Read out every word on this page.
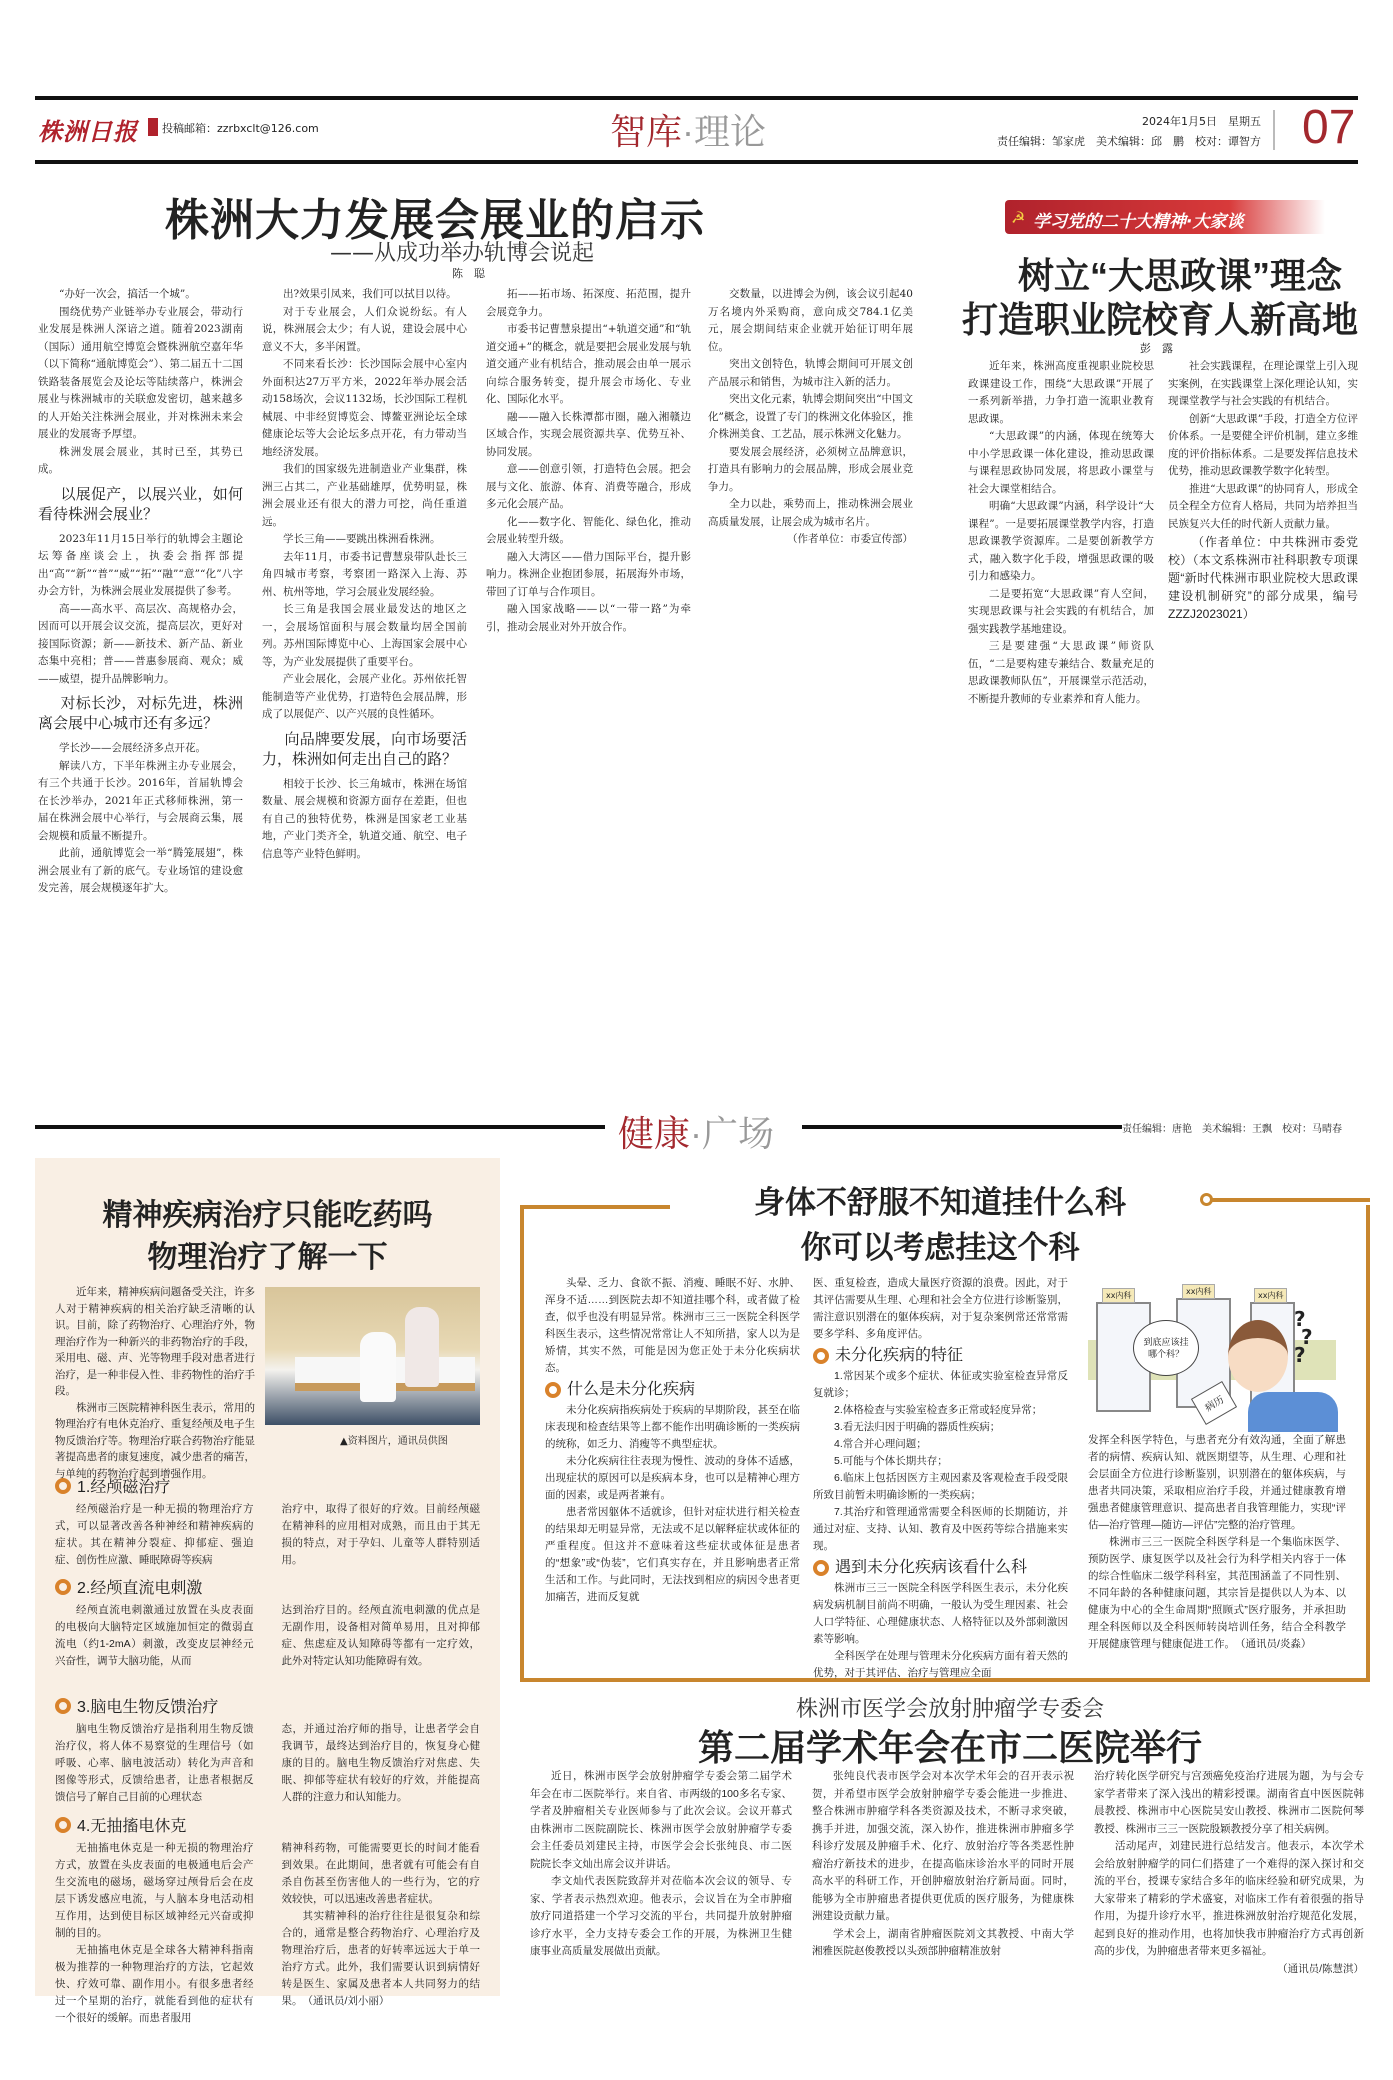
株洲日报 投稿邮箱：zzrbxclt@126.com	智库·理论	2024年1月5日　星期五
责任编辑：邹家虎　美术编辑：邱　鹏　校对：谭智方 07
株洲大力发展会展业的启示
——从成功举办轨博会说起
陈　聪

“办好一次会，搞活一个城”。

围绕优势产业链举办专业展会，带动行业发展是株洲人深谙之道。随着2023湖南（国际）通用航空博览会暨株洲航空嘉年华（以下简称“通航博览会”）、第二届五十二国铁路装备展览会及论坛等陆续落户，株洲会展业与株洲城市的关联愈发密切，越来越多的人开始关注株洲会展业，并对株洲未来会展业的发展寄予厚望。

株洲发展会展业，其时已至，其势已成。

以展促产，以展兴业，如何看待株洲会展业？

2023年11月15日举行的轨博会主题论坛筹备座谈会上，执委会指挥部提出“高”“新”“普”“威”“拓”“融”“意”“化”八字办会方针，为株洲会展业发展提供了参考。

高——高水平、高层次、高规格办会，因而可以开展会议交流，提高层次，更好对接国际资源；新——新技术、新产品、新业态集中亮相；普——普惠参展商、观众；威——威望，提升品牌影响力。

对标长沙，对标先进，株洲离会展中心城市还有多远？

学长沙——会展经济多点开花。

解读八方，下半年株洲主办专业展会，有三个共通于长沙。2016年，首届轨博会在长沙举办，2021年正式移师株洲，第一届在株洲会展中心举行，与会展商云集，展会规模和质量不断提升。

此前，通航博览会一举“腾笼展翅”，株洲会展业有了新的底气。专业场馆的建设愈发完善，展会规模逐年扩大。

出?效果引凤来，我们可以拭目以待。

对于专业展会，人们众说纷纭。有人说，株洲展会太少；有人说，建设会展中心意义不大，多半闲置。

不同来看长沙：长沙国际会展中心室内外面积达27万平方米，2022年举办展会活动158场次，会议1132场，长沙国际工程机械展、中非经贸博览会、博鳌亚洲论坛全球健康论坛等大会论坛多点开花，有力带动当地经济发展。

我们的国家级先进制造业产业集群，株洲三占其二，产业基础雄厚，优势明显，株洲会展业还有很大的潜力可挖，尚任重道远。

学长三角——要跳出株洲看株洲。

去年11月，市委书记曹慧泉带队赴长三角四城市考察，考察团一路深入上海、苏州、杭州等地，学习会展业发展经验。

长三角是我国会展业最发达的地区之一，会展场馆面积与展会数量均居全国前列。苏州国际博览中心、上海国家会展中心等，为产业发展提供了重要平台。

产业会展化，会展产业化。苏州依托智能制造等产业优势，打造特色会展品牌，形成了以展促产、以产兴展的良性循环。

向品牌要发展，向市场要活力，株洲如何走出自己的路？

相较于长沙、长三角城市，株洲在场馆数量、展会规模和资源方面存在差距，但也有自己的独特优势，株洲是国家老工业基地，产业门类齐全，轨道交通、航空、电子信息等产业特色鲜明。

拓——拓市场、拓深度、拓范围，提升会展竞争力。

市委书记曹慧泉提出“+轨道交通”和“轨道交通+”的概念，就是要把会展业发展与轨道交通产业有机结合，推动展会由单一展示向综合服务转变，提升展会市场化、专业化、国际化水平。

融——融入长株潭都市圈，融入湘赣边区域合作，实现会展资源共享、优势互补、协同发展。

意——创意引领，打造特色会展。把会展与文化、旅游、体育、消费等融合，形成多元化会展产品。

化——数字化、智能化、绿色化，推动会展业转型升级。

融入大湾区——借力国际平台，提升影响力。株洲企业抱团参展，拓展海外市场，带回了订单与合作项目。

融入国家战略——以“一带一路”为牵引，推动会展业对外开放合作。

交数量，以进博会为例，该会议引起40万名境内外采购商，意向成交784.1亿美元，展会期间结束企业就开始征订明年展位。

突出文创特色，轨博会期间可开展文创产品展示和销售，为城市注入新的活力。

突出文化元素，轨博会期间突出“中国文化”概念，设置了专门的株洲文化体验区，推介株洲美食、工艺品，展示株洲文化魅力。

要发展会展经济，必须树立品牌意识，打造具有影响力的会展品牌，形成会展业竞争力。

全力以赴，乘势而上，推动株洲会展业高质量发展，让展会成为城市名片。

（作者单位：市委宣传部）

☭ 学习党的二十大精神·大家谈
树立“大思政课”理念
打造职业院校育人新高地
彭　露

近年来，株洲高度重视职业院校思政课建设工作，围绕“大思政课”开展了一系列新举措，力争打造一流职业教育思政课。

“大思政课”的内涵，体现在统筹大中小学思政课一体化建设，推动思政课与课程思政协同发展，将思政小课堂与社会大课堂相结合。

明确“大思政课”内涵，科学设计“大课程”。一是要拓展课堂教学内容，打造思政课教学资源库。二是要创新教学方式，融入数字化手段，增强思政课的吸引力和感染力。

二是要拓宽“大思政课”育人空间，实现思政课与社会实践的有机结合，加强实践教学基地建设。

三是要建强“大思政课”师资队伍，“二是要构建专兼结合、数量充足的思政课教师队伍”，开展课堂示范活动，不断提升教师的专业素养和育人能力。

社会实践课程，在理论课堂上引入现实案例，在实践课堂上深化理论认知，实现课堂教学与社会实践的有机结合。

创新“大思政课”手段，打造全方位评价体系。一是要健全评价机制，建立多维度的评价指标体系。二是要发挥信息技术优势，推动思政课教学数字化转型。

推进“大思政课”的协同育人，形成全员全程全方位育人格局，共同为培养担当民族复兴大任的时代新人贡献力量。

（作者单位：中共株洲市委党校）（本文系株洲市社科职教专项课题“新时代株洲市职业院校大思政课建设机制研究”的部分成果，编号ZZZJ2023021）

健康·广场	责任编辑：唐艳　美术编辑：王飘　校对：马晴春
精神疾病治疗只能吃药吗
物理治疗了解一下

近年来，精神疾病问题备受关注，许多人对于精神疾病的相关治疗缺乏清晰的认识。目前，除了药物治疗、心理治疗外，物理治疗作为一种新兴的非药物治疗的手段，采用电、磁、声、光等物理手段对患者进行治疗，是一种非侵入性、非药物性的治疗手段。

株洲市三医院精神科医生表示，常用的物理治疗有电休克治疗、重复经颅及电子生物反馈治疗等。物理治疗联合药物治疗能显著提高患者的康复速度，减少患者的痛苦，与单纯的药物治疗起到增强作用。

▲资料图片，通讯员供图
1.经颅磁治疗

经颅磁治疗是一种无损的物理治疗方式，可以显著改善各种神经和精神疾病的症状。其在精神分裂症、抑郁症、强迫症、创伤性应激、睡眠障碍等疾病

治疗中，取得了很好的疗效。目前经颅磁在精神科的应用相对成熟，而且由于其无损的特点，对于孕妇、儿童等人群特别适用。

2.经颅直流电刺激

经颅直流电刺激通过放置在头皮表面的电极向大脑特定区域施加恒定的微弱直流电（约1-2mA）刺激，改变皮层神经元兴奋性，调节大脑功能，从而

达到治疗目的。经颅直流电刺激的优点是无副作用，设备相对简单易用，且对抑郁症、焦虑症及认知障碍等都有一定疗效，此外对特定认知功能障碍有效。

3.脑电生物反馈治疗

脑电生物反馈治疗是指利用生物反馈治疗仪，将人体不易察觉的生理信号（如呼吸、心率、脑电波活动）转化为声音和图像等形式，反馈给患者，让患者根据反馈信号了解自己目前的心理状态

态，并通过治疗师的指导，让患者学会自我调节，最终达到治疗目的，恢复身心健康的目的。脑电生物反馈治疗对焦虑、失眠、抑郁等症状有较好的疗效，并能提高人群的注意力和认知能力。

4.无抽搐电休克

无抽搐电休克是一种无损的物理治疗方式，放置在头皮表面的电极通电后会产生交流电的磁场，磁场穿过颅骨后会在皮层下诱发感应电流，与人脑本身电活动相互作用，达到使目标区域神经元兴奋或抑制的目的。

无抽搐电休克是全球各大精神科指南极为推荐的一种物理治疗的方法，它起效快、疗效可靠、副作用小。有很多患者经过一个星期的治疗，就能看到他的症状有一个很好的缓解。而患者服用

精神科药物，可能需要更长的时间才能看到效果。在此期间，患者就有可能会有自杀自伤甚至伤害他人的一些行为，它的疗效较快，可以迅速改善患者症状。

其实精神科的治疗往往是很复杂和综合的，通常是整合药物治疗、心理治疗及物理治疗后，患者的好转率远远大于单一治疗方式。此外，我们需要认识到病情好转是医生、家属及患者本人共同努力的结果。　（通讯员/刘小丽）

身体不舒服不知道挂什么科
你可以考虑挂这个科

头晕、乏力、食欲不振、消瘦、睡眠不好、水肿、浑身不适……到医院去却不知道挂哪个科，或者做了检查，似乎也没有明显异常。株洲市三三一医院全科医学科医生表示，这些情况常常让人不知所措，家人以为是矫情，其实不然，可能是因为您正处于未分化疾病状态。

什么是未分化疾病

未分化疾病指疾病处于疾病的早期阶段，甚至在临床表现和检查结果等上都不能作出明确诊断的一类疾病的统称，如乏力、消瘦等不典型症状。

未分化疾病往往表现为慢性、波动的身体不适感，出现症状的原因可以是疾病本身，也可以是精神心理方面的因素，或是两者兼有。

患者常因躯体不适就诊，但针对症状进行相关检查的结果却无明显异常，无法或不足以解释症状或体征的严重程度。但这并不意味着这些症状或体征是患者的“想象”或“伪装”，它们真实存在，并且影响患者正常生活和工作。与此同时，无法找到相应的病因令患者更加痛苦，进而反复就

医、重复检查，造成大量医疗资源的浪费。因此，对于其评估需要从生理、心理和社会全方位进行诊断鉴别，需注意识别潜在的躯体疾病，对于复杂案例常还常常需要多学科、多角度评估。

未分化疾病的特征

1.常因某个或多个症状、体征或实验室检查异常反复就诊；

2.体格检查与实验室检查多正常或轻度异常；

3.看无法归因于明确的器质性疾病；

4.常合并心理问题；

5.可能与个体长期共存；

6.临床上包括因医方主观因素及客观检查手段受限所致目前暂未明确诊断的一类疾病；

7.其治疗和管理通常需要全科医师的长期随访，并通过对症、支持、认知、教育及中医药等综合措施来实现。

遇到未分化疾病该看什么科

株洲市三三一医院全科医学科医生表示，未分化疾病发病机制目前尚不明确，一般认为受生理因素、社会人口学特征、心理健康状态、人格特征以及外部刺激因素等影响。

全科医学在处理与管理未分化疾病方面有着天然的优势，对于其评估、治疗与管理应全面

xx内科	xx内科	xx内科
到底应该挂哪个科？
病历
?
?
?

发挥全科医学特色，与患者充分有效沟通，全面了解患者的病情、疾病认知、就医期望等，从生理、心理和社会层面全方位进行诊断鉴别，识别潜在的躯体疾病，与患者共同决策，采取相应治疗手段，并通过健康教育增强患者健康管理意识、提高患者自我管理能力，实现“评估—治疗管理—随访—评估”完整的治疗管理。

株洲市三三一医院全科医学科是一个集临床医学、预防医学、康复医学以及社会行为科学相关内容于一体的综合性临床二级学科科室，其范围涵盖了不同性别、不同年龄的各种健康问题，其宗旨是提供以人为本、以健康为中心的全生命周期“照顾式”医疗服务，并承担助理全科医师以及全科医师转岗培训任务，结合全科教学开展健康管理与健康促进工作。　（通讯员/炎淼）

株洲市医学会放射肿瘤学专委会
第二届学术年会在市二医院举行

近日，株洲市医学会放射肿瘤学专委会第二届学术年会在市二医院举行。来自省、市两级的100多名专家、学者及肿瘤相关专业医师参与了此次会议。会议开幕式由株洲市二医院副院长、株洲市医学会放射肿瘤学专委会主任委员刘建民主持，市医学会会长张纯良、市二医院院长李文灿出席会议并讲话。

李文灿代表医院致辞并对莅临本次会议的领导、专家、学者表示热烈欢迎。他表示，会议旨在为全市肿瘤放疗同道搭建一个学习交流的平台，共同提升放射肿瘤诊疗水平，全力支持专委会工作的开展，为株洲卫生健康事业高质量发展做出贡献。

张纯良代表市医学会对本次学术年会的召开表示祝贺，并希望市医学会放射肿瘤学专委会能进一步推进、整合株洲市肿瘤学科各类资源及技术，不断寻求突破，携手并进，加强交流，深入协作，推进株洲市肿瘤多学科诊疗发展及肿瘤手术、化疗、放射治疗等各类恶性肿瘤治疗新技术的进步，在提高临床诊治水平的同时开展高水平的科研工作，开创肿瘤放射治疗新局面。同时，能够为全市肿瘤患者提供更优质的医疗服务，为健康株洲建设贡献力量。

学术会上，湖南省肿瘤医院刘文其教授、中南大学湘雅医院赵俊教授以头颈部肿瘤精准放射

治疗转化医学研究与宫颈癌免疫治疗进展为题，为与会专家学者带来了深入浅出的精彩授课。湖南省直中医医院韩晨教授、株洲市中心医院吴安山教授、株洲市二医院何琴教授、株洲市三三一医院殷颖教授分享了相关病例。

活动尾声，刘建民进行总结发言。他表示，本次学术会给放射肿瘤学的同仁们搭建了一个难得的深入探讨和交流的平台，授课专家结合多年的临床经验和研究成果，为大家带来了精彩的学术盛宴，对临床工作有着很强的指导作用，为提升诊疗水平，推进株洲放射治疗规范化发展，起到良好的推动作用，也将加快我市肿瘤治疗方式再创新高的步伐，为肿瘤患者带来更多福祉。

（通讯员/陈慧淇）
